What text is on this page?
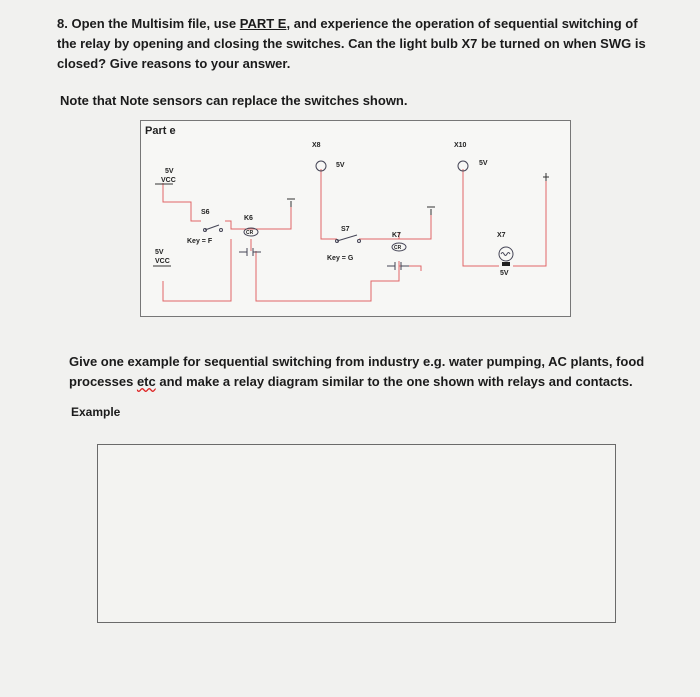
8. Open the Multisim file, use PART E, and experience the operation of sequential switching of the relay by opening and closing the switches. Can the light bulb X7 be turned on when SWG is closed? Give reasons to your answer.
Note that Note sensors can replace the switches shown.
Part e
5V
VCC
5V
VCC
S6
Key = F
K6
CR
X8
5V
S7
Key = G
K7
CR
X10
5V
X7
5V
Give one example for sequential switching from industry e.g. water pumping, AC plants, food processes etc and make a relay diagram similar to the one shown with relays and contacts.
Example
